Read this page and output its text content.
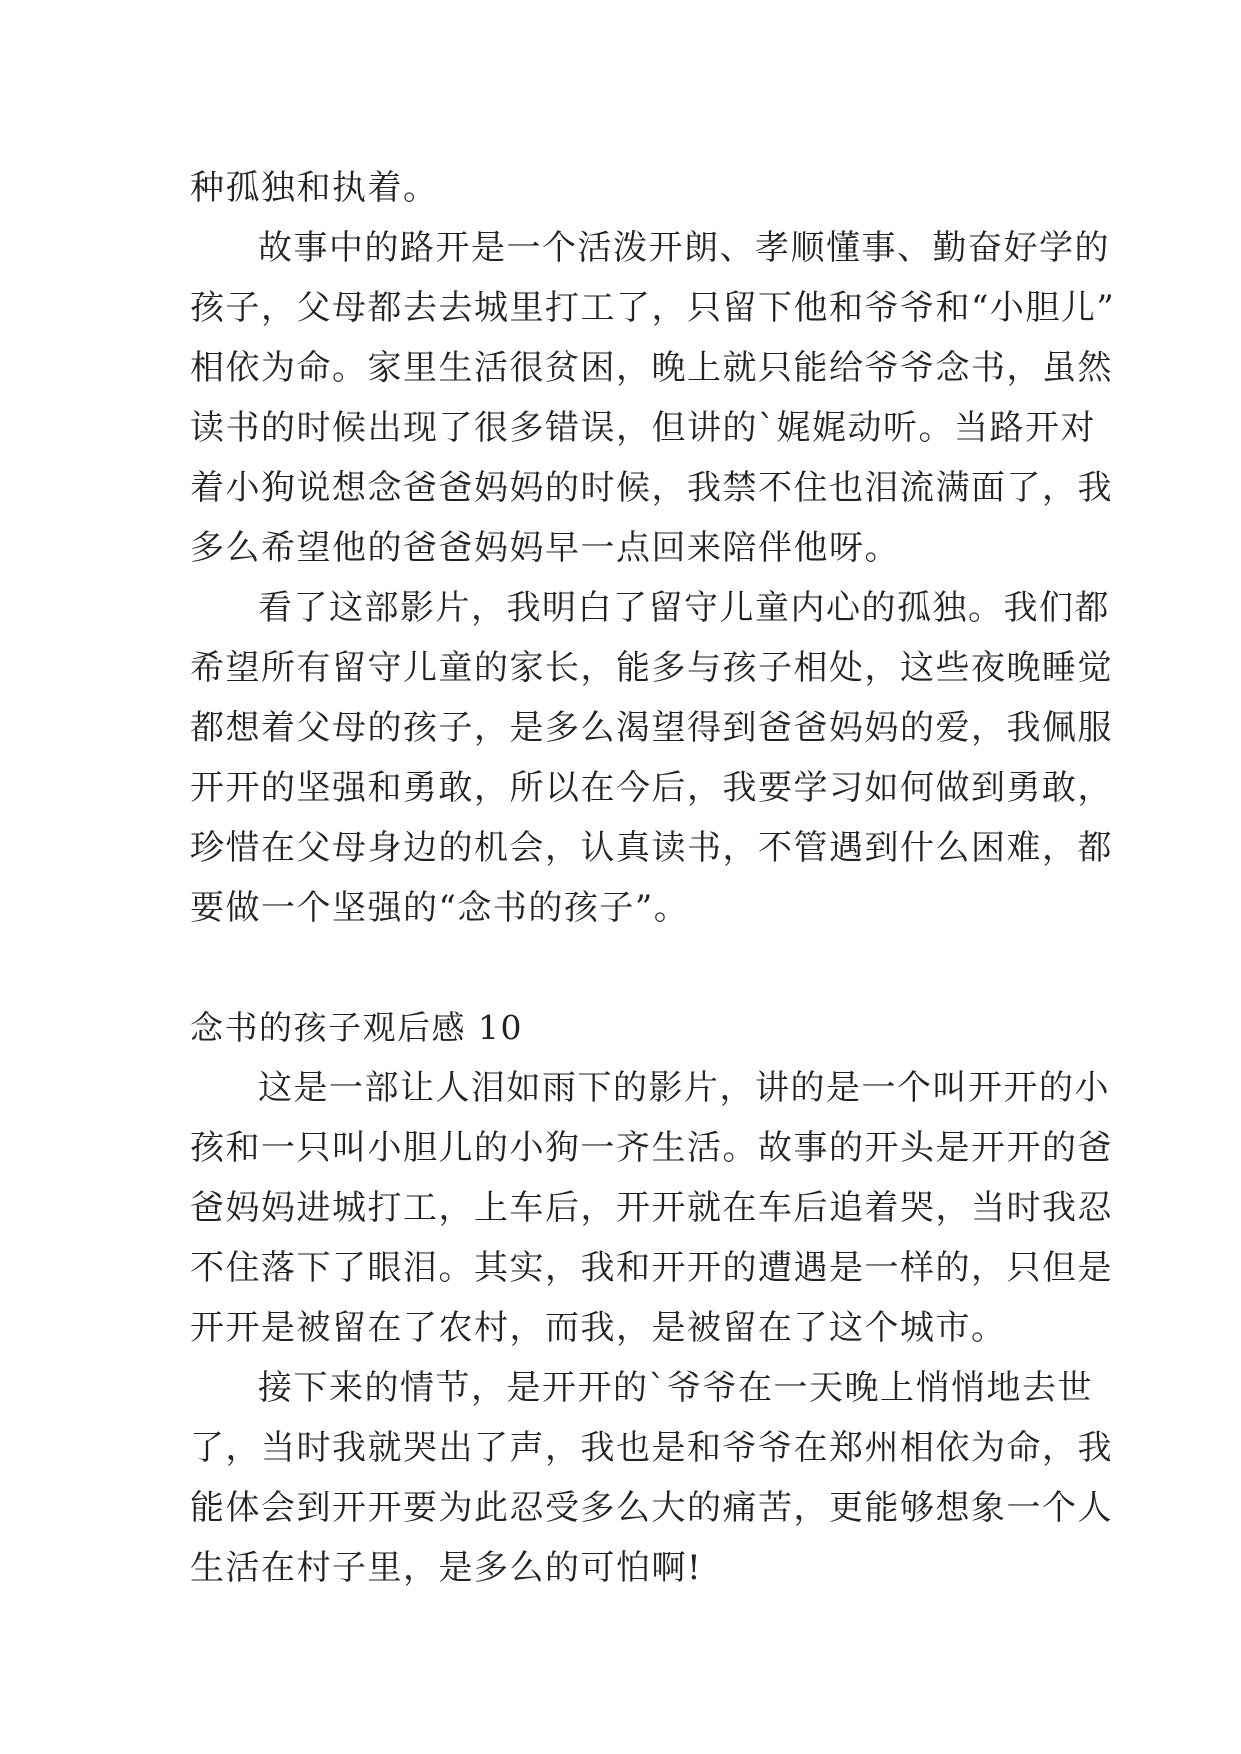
种孤独和执着。
故事中的路开是一个活泼开朗、孝顺懂事、勤奋好学的
孩子，父母都去去城里打工了，只留下他和爷爷和“小胆儿”
相依为命。家里生活很贫困，晚上就只能给爷爷念书，虽然
读书的时候出现了很多错误，但讲的`娓娓动听。当路开对
着小狗说想念爸爸妈妈的时候，我禁不住也泪流满面了，我
多么希望他的爸爸妈妈早一点回来陪伴他呀。
看了这部影片，我明白了留守儿童内心的孤独。我们都
希望所有留守儿童的家长，能多与孩子相处，这些夜晚睡觉
都想着父母的孩子，是多么渴望得到爸爸妈妈的爱，我佩服
开开的坚强和勇敢，所以在今后，我要学习如何做到勇敢，
珍惜在父母身边的机会，认真读书，不管遇到什么困难，都
要做一个坚强的“念书的孩子”。
念书的孩子观后感 10
这是一部让人泪如雨下的影片，讲的是一个叫开开的小
孩和一只叫小胆儿的小狗一齐生活。故事的开头是开开的爸
爸妈妈进城打工，上车后，开开就在车后追着哭，当时我忍
不住落下了眼泪。其实，我和开开的遭遇是一样的，只但是
开开是被留在了农村，而我，是被留在了这个城市。
接下来的情节，是开开的`爷爷在一天晚上悄悄地去世
了，当时我就哭出了声，我也是和爷爷在郑州相依为命，我
能体会到开开要为此忍受多么大的痛苦，更能够想象一个人
生活在村子里，是多么的可怕啊!
